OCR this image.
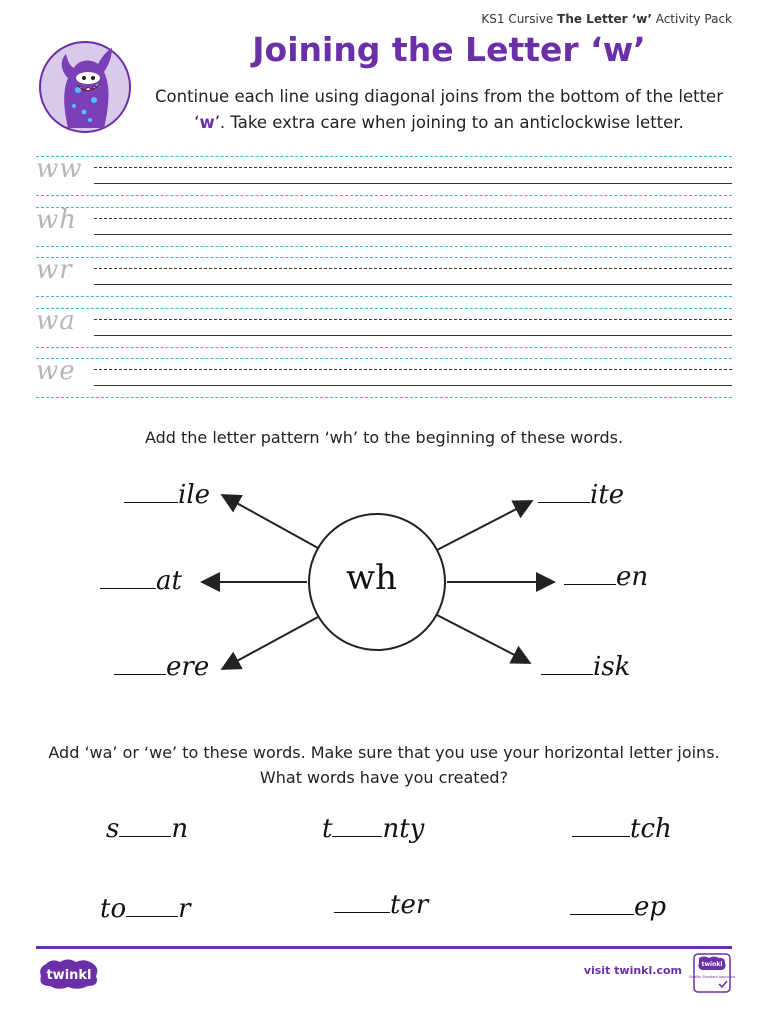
KS1 Cursive The Letter ‘w’ Activity Pack
Joining the Letter ‘w’
Continue each line using diagonal joins from the bottom of the letter ‘w’. Take extra care when joining to an anticlockwise letter.
ww
wh
wr
wa
we
Add the letter pattern ‘wh’ to the beginning of these words.
wh
ile
at
ere
ite
en
isk
Add ‘wa’ or ‘we’ to these words. Make sure that you use your horizontal letter joins. What words have you created?
s n	t nty	tch
to r	ter	ep
twinkl	visit twinkl.com	twinkl
Quality Standard Approved
